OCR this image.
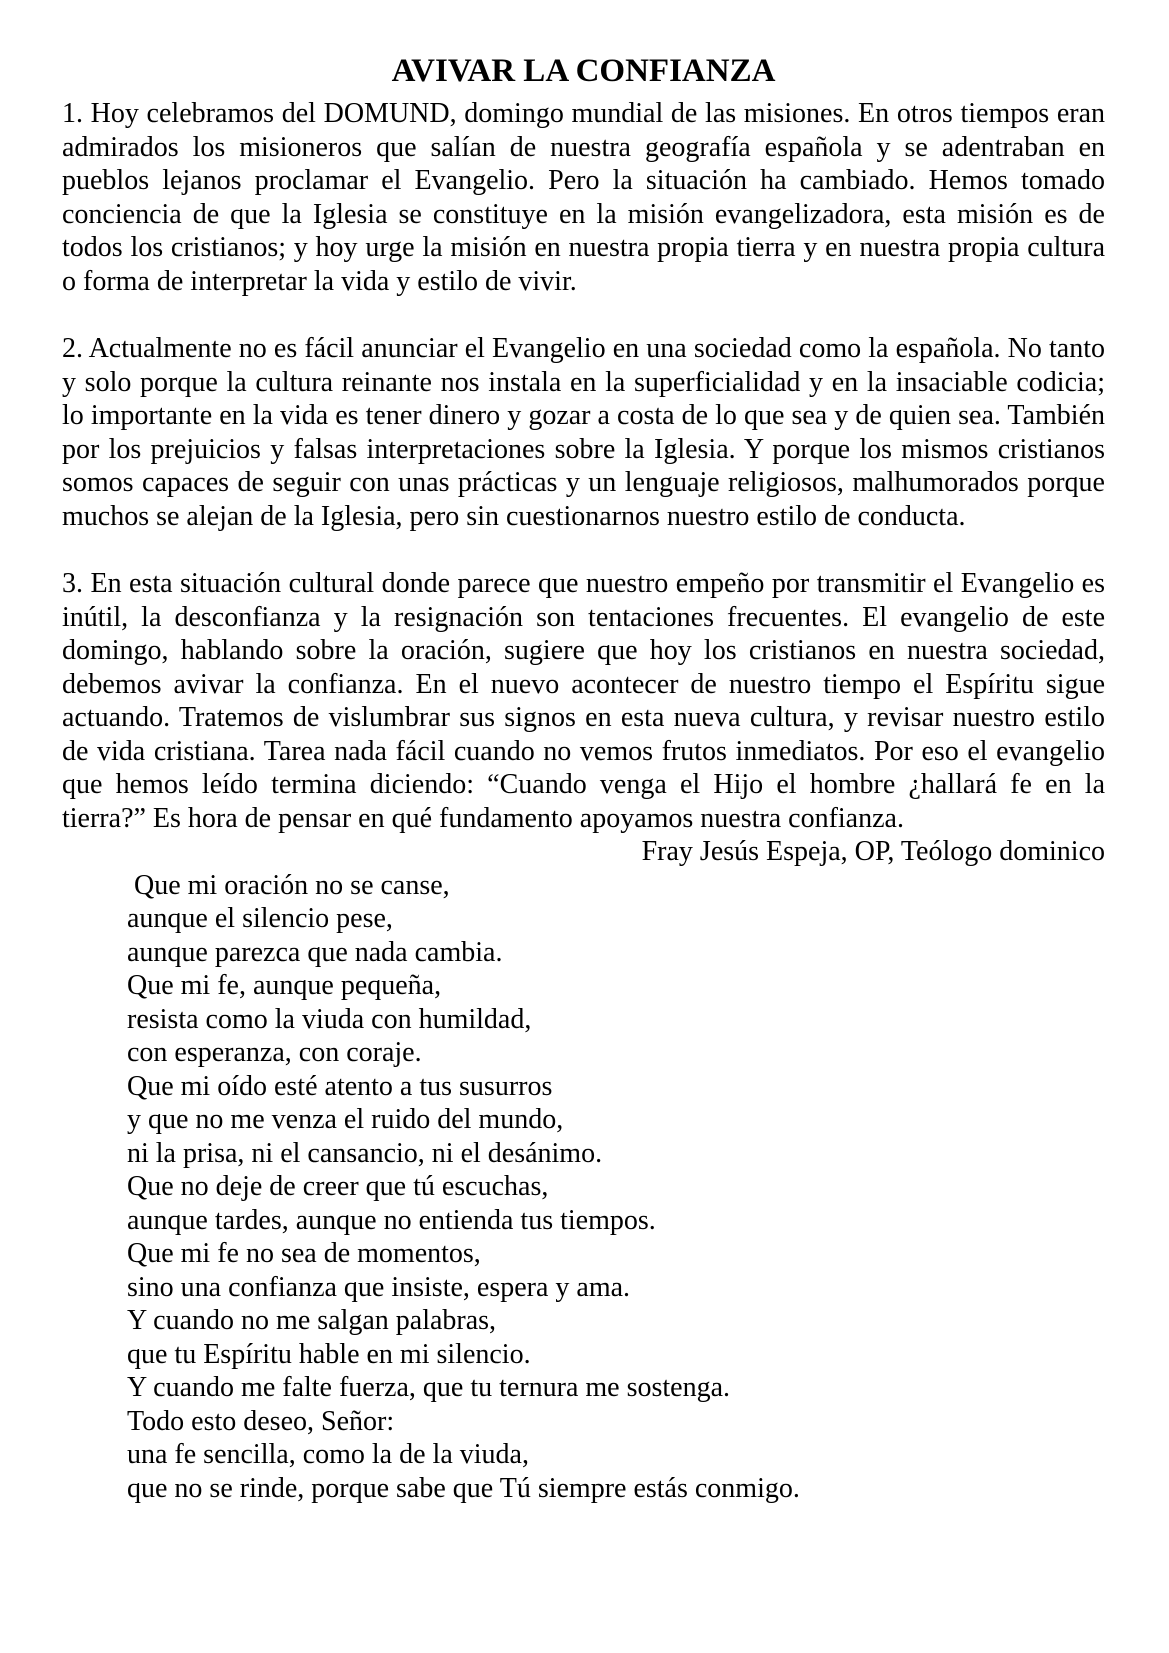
AVIVAR LA CONFIANZA

1. Hoy celebramos del DOMUND, domingo mundial de las misiones. En otros tiempos eran admirados los misioneros que salían de nuestra geografía española y se adentraban en pueblos lejanos proclamar el Evangelio. Pero la situación ha cambiado. Hemos tomado conciencia de que la Iglesia se constituye en la misión evangelizadora, esta misión es de todos los cristianos; y hoy urge la misión en nuestra propia tierra y en nuestra propia cultura o forma de interpretar la vida y estilo de vivir.

2. Actualmente no es fácil anunciar el Evangelio en una sociedad como la española. No tanto y solo porque la cultura reinante nos instala en la superficialidad y en la insaciable codicia; lo importante en la vida es tener dinero y gozar a costa de lo que sea y de quien sea. También por los prejuicios y falsas interpretaciones sobre la Iglesia. Y porque los mismos cristianos somos capaces de seguir con unas prácticas y un lenguaje religiosos, malhumorados porque muchos se alejan de la Iglesia, pero sin cuestionarnos nuestro estilo de conducta.

3. En esta situación cultural donde parece que nuestro empeño por transmitir el Evangelio es inútil, la desconfianza y la resignación son tentaciones frecuentes. El evangelio de este domingo, hablando sobre la oración, sugiere que hoy los cristianos en nuestra sociedad, debemos avivar la confianza. En el nuevo acontecer de nuestro tiempo el Espíritu sigue actuando. Tratemos de vislumbrar sus signos en esta nueva cultura, y revisar nuestro estilo de vida cristiana. Tarea nada fácil cuando no vemos frutos inmediatos. Por eso el evangelio que hemos leído termina diciendo: “Cuando venga el Hijo el hombre ¿hallará fe en la tierra?” Es hora de pensar en qué fundamento apoyamos nuestra confianza.

Fray Jesús Espeja, OP, Teólogo dominico

Que mi oración no se canse,
aunque el silencio pese,
aunque parezca que nada cambia.
Que mi fe, aunque pequeña,
resista como la viuda con humildad,
con esperanza, con coraje.
Que mi oído esté atento a tus susurros
y que no me venza el ruido del mundo,
ni la prisa, ni el cansancio, ni el desánimo.
Que no deje de creer que tú escuchas,
aunque tardes, aunque no entienda tus tiempos.
Que mi fe no sea de momentos,
sino una confianza que insiste, espera y ama.
Y cuando no me salgan palabras,
que tu Espíritu hable en mi silencio.
Y cuando me falte fuerza, que tu ternura me sostenga.
Todo esto deseo, Señor:
una fe sencilla, como la de la viuda,
que no se rinde, porque sabe que Tú siempre estás conmigo.
